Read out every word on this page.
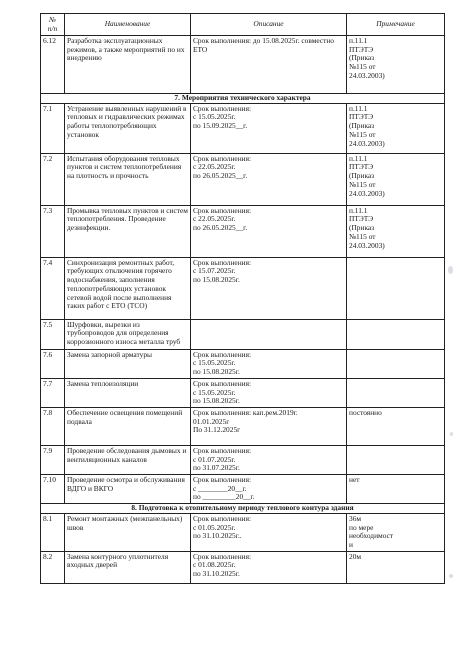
№
п/п	Наименование	Описание	Примечание
6.12	Разработка эксплуатационных режимов, а также мероприятий по их внедрению	Срок выполнения: до 15.08.2025г. совместно ЕТО	п.11.1
ПТЭТЭ
(Приказ
№115 от
24.03.2003)
7. Мероприятия технического характера			
7.1	Устранение выявленных нарушений в тепловых и гидравлических режимах работы теплопотребляющих установок	Срок выполнения:
с 15.05.2025г.
по 15.09.2025__г.	п.11.1
ПТЭТЭ
(Приказ
№115 от
24.03.2003)
7.2	Испытания оборудования тепловых пунктов и систем теплопотребления на плотность и прочность	Срок выполнения:
с 22.05.2025г.
по 26.05.2025__г.	п.11.1
ПТЭТЭ
(Приказ
№115 от
24.03.2003)
7.3	Промывка тепловых пунктов и систем теплопотребления. Проведение дезинфекции.	Срок выполнения:
с 22.05.2025г.
по 26.05.2025__г.	п.11.1
ПТЭТЭ
(Приказ
№115 от
24.03.2003)
7.4	Синхронизация ремонтных работ, требующих отключения горячего водоснабжения, заполнения теплопотребляющих установок сетевой водой после выполнения таких работ с ЕТО (ТСО)	Срок выполнения:
с 15.07.2025г.
по 15.08.2025г.	
7.5	Шурфовки, вырезки из трубопроводов для определения коррозионного износа металла труб		
7.6	Замена запорной арматуры	Срок выполнения:
с 15.05.2025г.
по 15.08.2025г.	
7.7	Замена теплоизоляции	Срок выполнения:
с 15.05.2025г.
по 15.08.2025г.	
7.8	Обеспечение освещения помещений подвала	Срок выполнения: кап.рем.2019г.
01.01.2025г
По 31.12.2025г	постоянно
7.9	Проведение обследования дымовых и вентиляционных каналов	Срок выполнения:
с 01.07.2025г.
по 31.07.2025г.	
7.10	Проведение осмотра и обслуживания ВДГО и ВКГО	Срок выполнения:
с ________20__г.
по _________20__г.	нет
8. Подготовка к отопительному периоду теплового контура здания			
8.1	Ремонт монтажных (межпанельных) швов	Срок выполнения:
с 01.05.2025г.
по 31.10.2025г..	36м
по мере
необходимост
и
8.2	Замена контурного уплотнителя входных дверей	Срок выполнения:
с 01.08.2025г.
по 31.10.2025г.	20м
